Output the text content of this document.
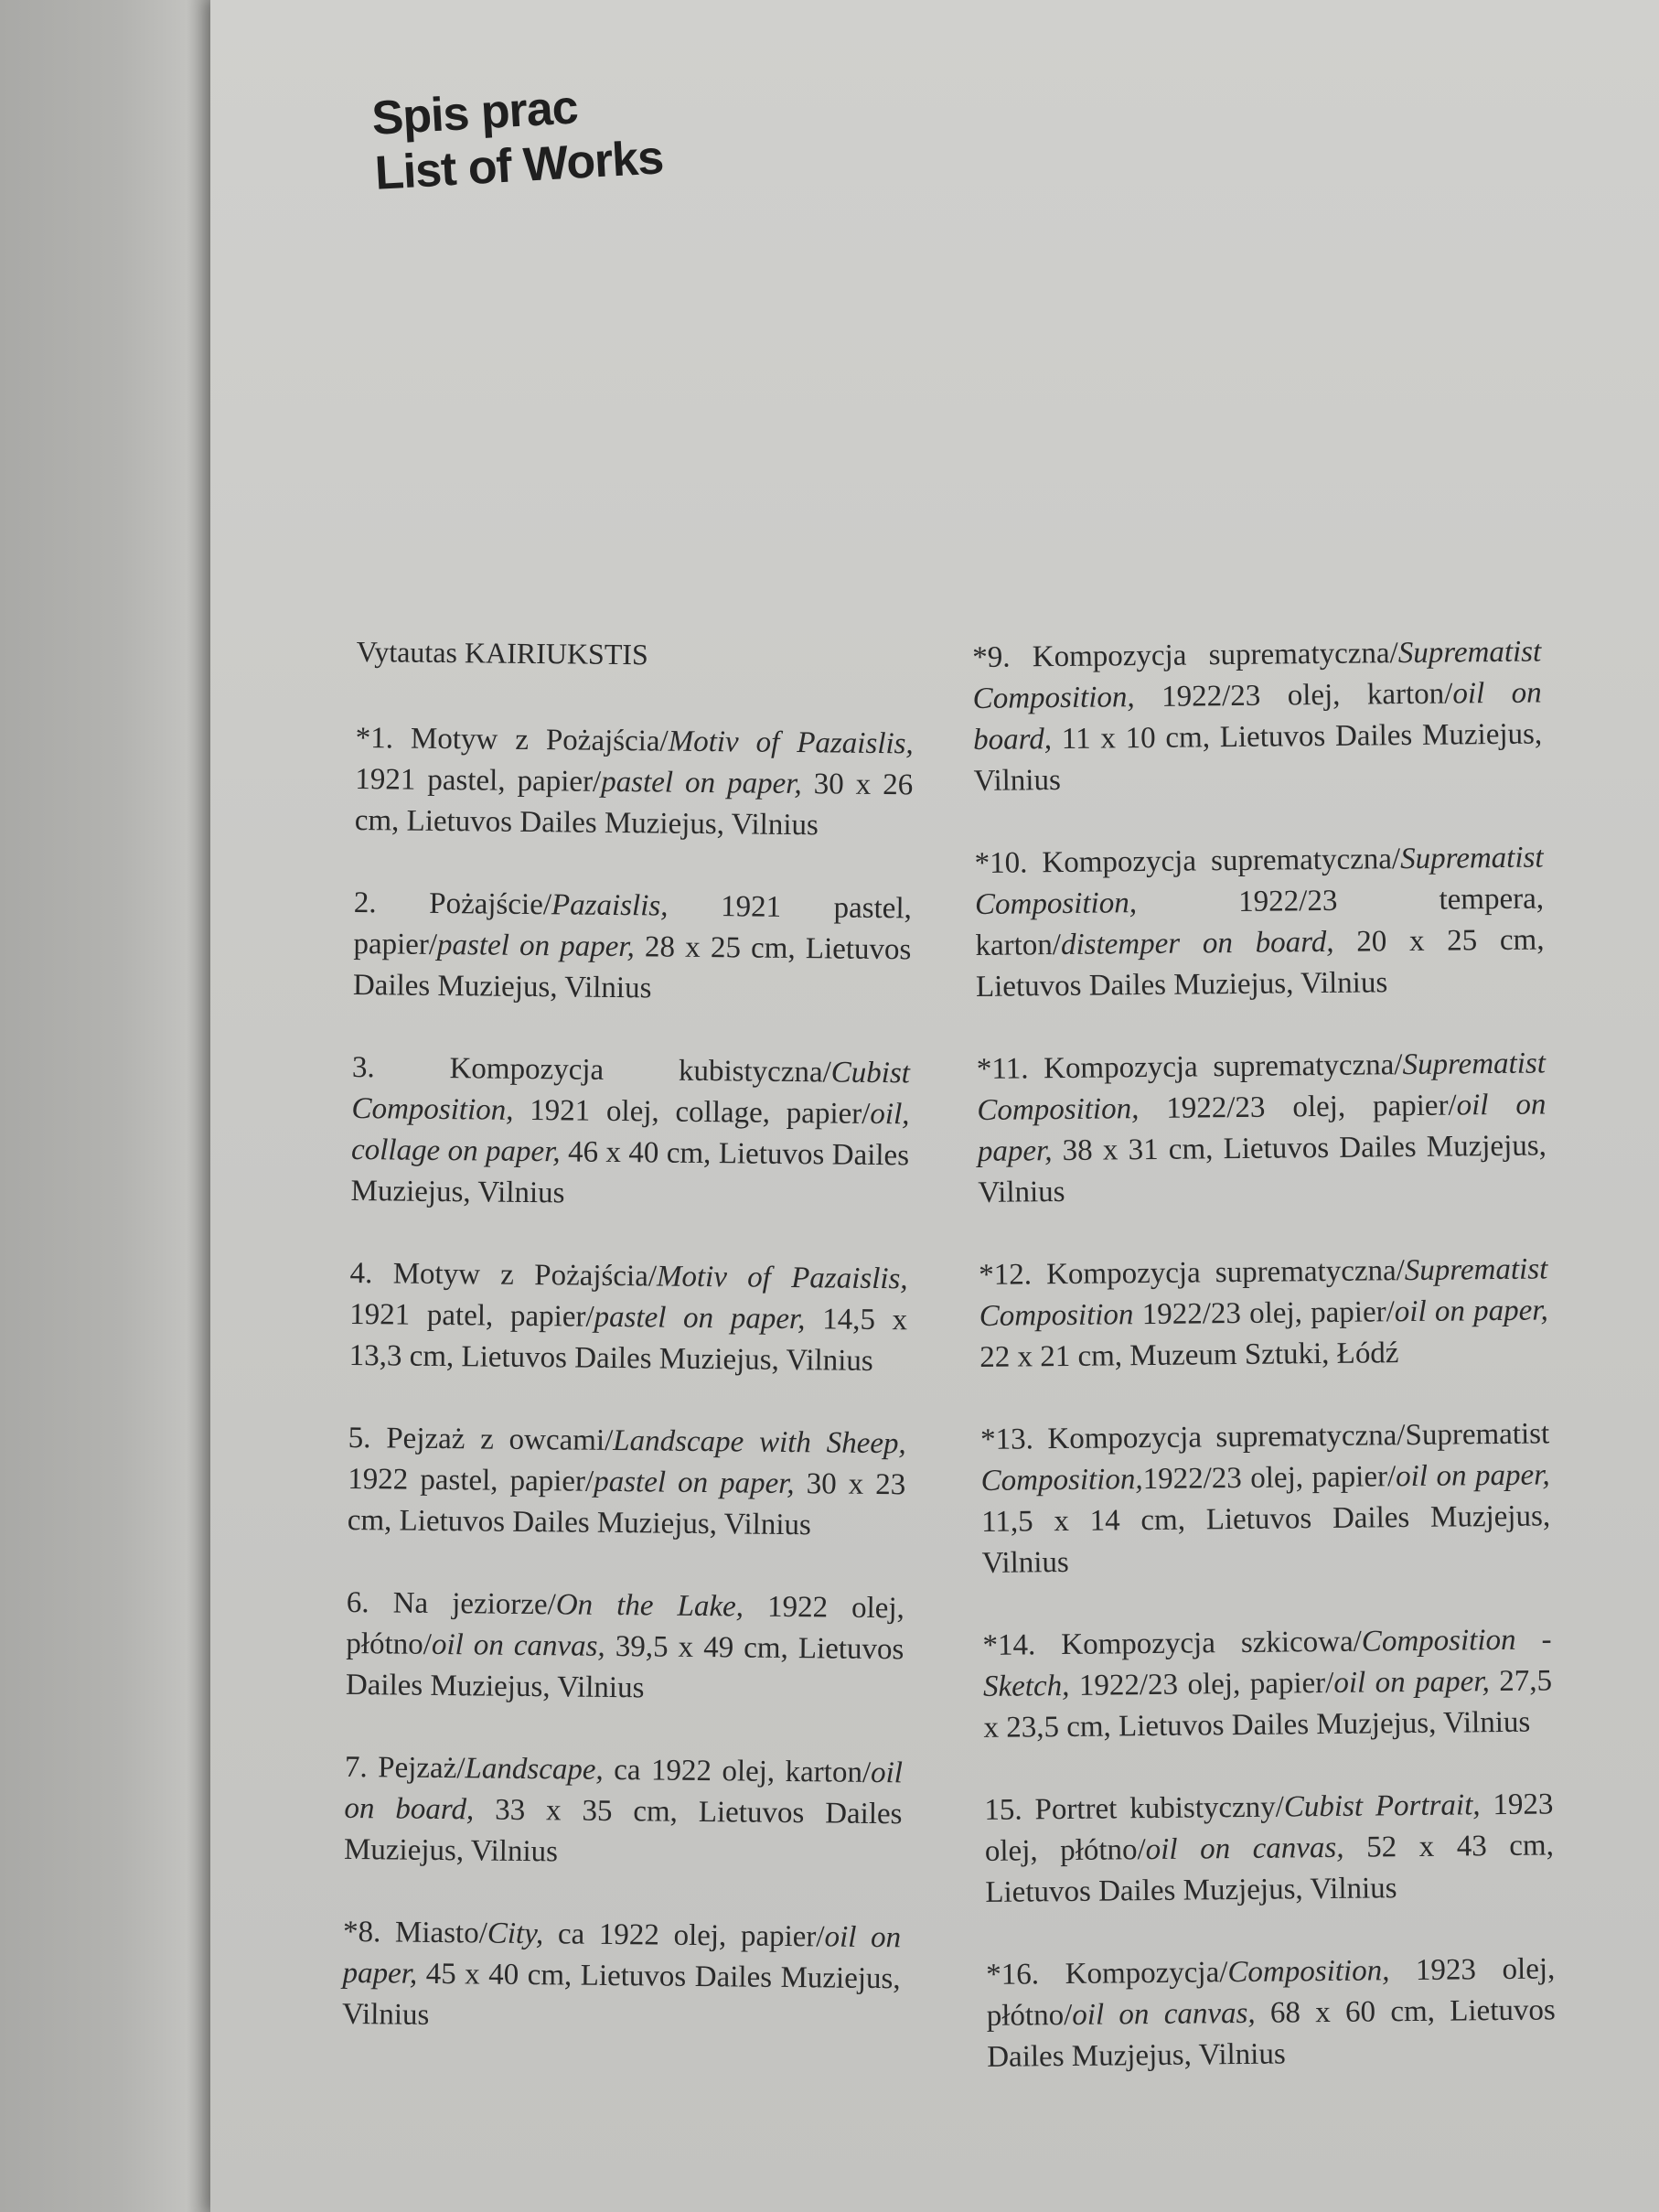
Spis prac
List of Works
Vytautas KAIRIUKSTIS
*1. Motyw z Pożajścia/Motiv of Pazaislis, 1921 pastel, papier/pastel on paper, 30 x 26 cm, Lietuvos Dailes Muziejus, Vilnius
2. Pożajście/Pazaislis, 1921 pastel, papier/pastel on paper, 28 x 25 cm, Lietuvos Dailes Muziejus, Vilnius
3. Kompozycja kubistyczna/Cubist Composition, 1921 olej, collage, papier/oil, collage on paper, 46 x 40 cm, Lietuvos Dailes Muziejus, Vilnius
4. Motyw z Pożajścia/Motiv of Pazaislis, 1921 patel, papier/pastel on paper, 14,5 x 13,3 cm, Lietuvos Dailes Muziejus, Vilnius
5. Pejzaż z owcami/Landscape with Sheep, 1922 pastel, papier/pastel on paper, 30 x 23 cm, Lietuvos Dailes Muziejus, Vilnius
6. Na jeziorze/On the Lake, 1922 olej, płótno/oil on canvas, 39,5 x 49 cm, Lietuvos Dailes Muziejus, Vilnius
7. Pejzaż/Landscape, ca 1922 olej, karton/oil on board, 33 x 35 cm, Lietuvos Dailes Muziejus, Vilnius
*8. Miasto/City, ca 1922 olej, papier/oil on paper, 45 x 40 cm, Lietuvos Dailes Muziejus, Vilnius
*9. Kompozycja suprematyczna/Suprematist Composition, 1922/23 olej, karton/oil on board, 11 x 10 cm, Lietuvos Dailes Muziejus, Vilnius
*10. Kompozycja suprematyczna/Suprematist Composition, 1922/23 tempera, karton/distemper on board, 20 x 25 cm, Lietuvos Dailes Muziejus, Vilnius
*11. Kompozycja suprematyczna/Suprematist Composition, 1922/23 olej, papier/oil on paper, 38 x 31 cm, Lietuvos Dailes Muzjejus, Vilnius
*12. Kompozycja suprematyczna/Suprematist Composition 1922/23 olej, papier/oil on paper, 22 x 21 cm, Muzeum Sztuki, Łódź
*13. Kompozycja suprematyczna/Suprematist Composition,1922/23 olej, papier/oil on paper, 11,5 x 14 cm, Lietuvos Dailes Muzjejus, Vilnius
*14. Kompozycja szkicowa/Composition - Sketch, 1922/23 olej, papier/oil on paper, 27,5 x 23,5 cm, Lietuvos Dailes Muzjejus, Vilnius
15. Portret kubistyczny/Cubist Portrait, 1923 olej, płótno/oil on canvas, 52 x 43 cm, Lietuvos Dailes Muzjejus, Vilnius
*16. Kompozycja/Composition, 1923 olej, płótno/oil on canvas, 68 x 60 cm, Lietuvos Dailes Muzjejus, Vilnius
